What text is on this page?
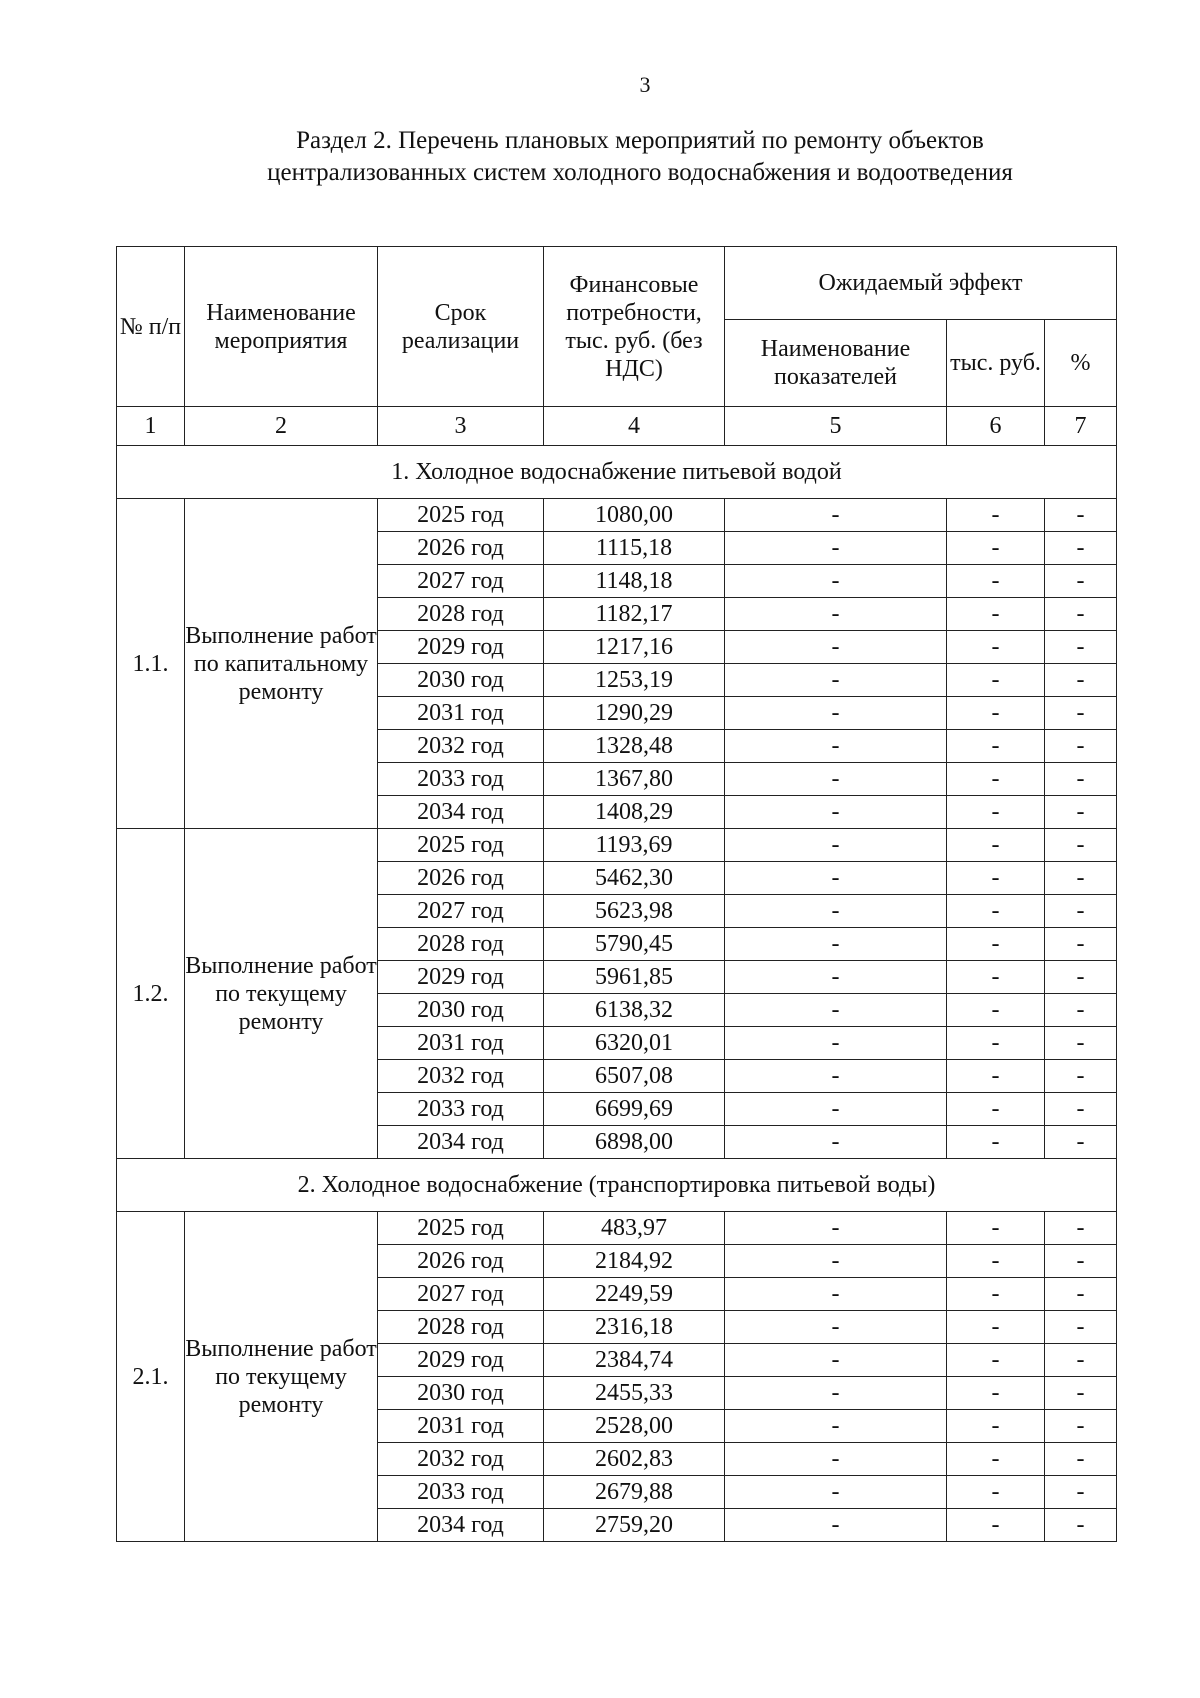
3
Раздел 2. Перечень плановых мероприятий по ремонту объектов
централизованных систем холодного водоснабжения и водоотведения
№ п/п	Наименование мероприятия	Срок реализации	Финансовые потребности, тыс. руб. (без НДС)	Ожидаемый эффект		
				Наименование показателей	тыс. руб.	%
1	2	3	4	5	6	7
1. Холодное водоснабжение питьевой водой						
1.1.	Выполнение работ по капитальному ремонту	2025 год	1080,00	-	-	-
		2026 год	1115,18	-	-	-
		2027 год	1148,18	-	-	-
		2028 год	1182,17	-	-	-
		2029 год	1217,16	-	-	-
		2030 год	1253,19	-	-	-
		2031 год	1290,29	-	-	-
		2032 год	1328,48	-	-	-
		2033 год	1367,80	-	-	-
		2034 год	1408,29	-	-	-
1.2.	Выполнение работ по текущему ремонту	2025 год	1193,69	-	-	-
		2026 год	5462,30	-	-	-
		2027 год	5623,98	-	-	-
		2028 год	5790,45	-	-	-
		2029 год	5961,85	-	-	-
		2030 год	6138,32	-	-	-
		2031 год	6320,01	-	-	-
		2032 год	6507,08	-	-	-
		2033 год	6699,69	-	-	-
		2034 год	6898,00	-	-	-
2. Холодное водоснабжение (транспортировка питьевой воды)						
2.1.	Выполнение работ по текущему ремонту	2025 год	483,97	-	-	-
		2026 год	2184,92	-	-	-
		2027 год	2249,59	-	-	-
		2028 год	2316,18	-	-	-
		2029 год	2384,74	-	-	-
		2030 год	2455,33	-	-	-
		2031 год	2528,00	-	-	-
		2032 год	2602,83	-	-	-
		2033 год	2679,88	-	-	-
		2034 год	2759,20	-	-	-
